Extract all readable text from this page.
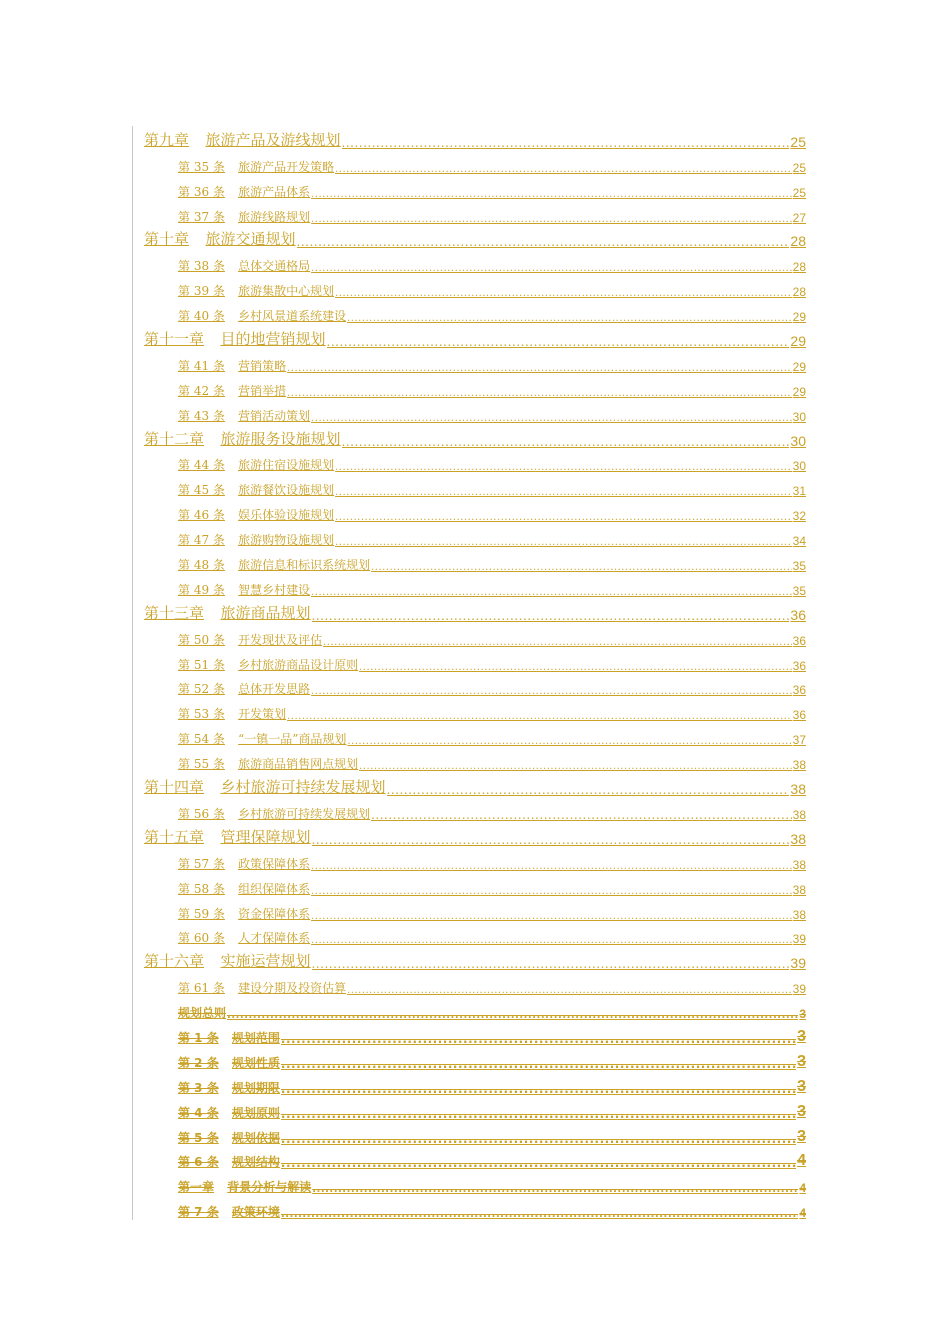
第九章 旅游产品及游线规划 .....	25
第 35 条 旅游产品开发策略 .....	25
第 36 条 旅游产品体系 .....	25
第 37 条 旅游线路规划 .....	27
第十章 旅游交通规划 .....	28
第 38 条 总体交通格局 .....	28
第 39 条 旅游集散中心规划 .....	28
第 40 条 乡村风景道系统建设 .....	29
第十一章 目的地营销规划 .....	29
第 41 条 营销策略 .....	29
第 42 条 营销举措 .....	29
第 43 条 营销活动策划 .....	30
第十二章 旅游服务设施规划 .....	30
第 44 条 旅游住宿设施规划 .....	30
第 45 条 旅游餐饮设施规划 .....	31
第 46 条 娱乐体验设施规划 .....	32
第 47 条 旅游购物设施规划 .....	34
第 48 条 旅游信息和标识系统规划 .....	35
第 49 条 智慧乡村建设 .....	35
第十三章 旅游商品规划 .....	36
第 50 条 开发现状及评估 .....	36
第 51 条 乡村旅游商品设计原则 .....	36
第 52 条 总体开发思路 .....	36
第 53 条 开发策划 .....	36
第 54 条 “一镇一品”商品规划 .....	37
第 55 条 旅游商品销售网点规划 .....	38
第十四章 乡村旅游可持续发展规划 .....	38
第 56 条 乡村旅游可持续发展规划 .....	38
第十五章 管理保障规划 .....	38
第 57 条 政策保障体系 .....	38
第 58 条 组织保障体系 .....	38
第 59 条 资金保障体系 .....	38
第 60 条 人才保障体系 .....	39
第十六章 实施运营规划 .....	39
第 61 条 建设分期及投资估算 .....	39
规划总则 .....	3
第 1 条 规划范围 .....	3
第 2 条 规划性质 .....	3
第 3 条 规划期限 .....	3
第 4 条 规划原则 .....	3
第 5 条 规划依据 .....	3
第 6 条 规划结构 .....	4
第一章 背景分析与解读 .....	4
第 7 条 政策环境 .....	4
